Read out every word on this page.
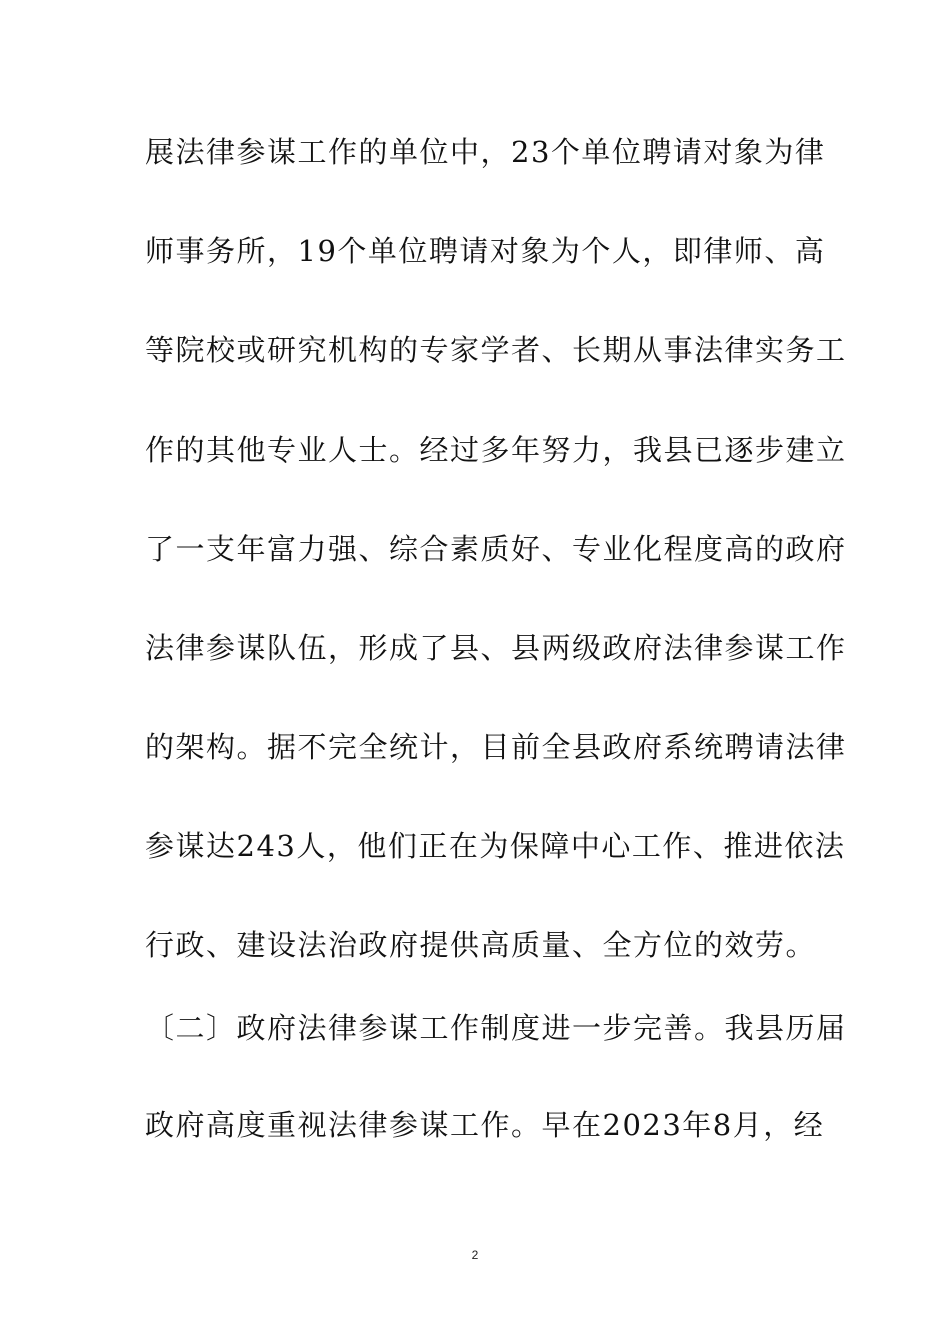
展法律参谋工作的单位中，23个单位聘请对象为律
师事务所，19个单位聘请对象为个人，即律师、高
等院校或研究机构的专家学者、长期从事法律实务工
作的其他专业人士。经过多年努力，我县已逐步建立
了一支年富力强、综合素质好、专业化程度高的政府
法律参谋队伍，形成了县、县两级政府法律参谋工作
的架构。据不完全统计，目前全县政府系统聘请法律
参谋达243人，他们正在为保障中心工作、推进依法
行政、建设法治政府提供高质量、全方位的效劳。
〔二〕政府法律参谋工作制度进一步完善。我县历届
政府高度重视法律参谋工作。早在2023年8月，经
2
